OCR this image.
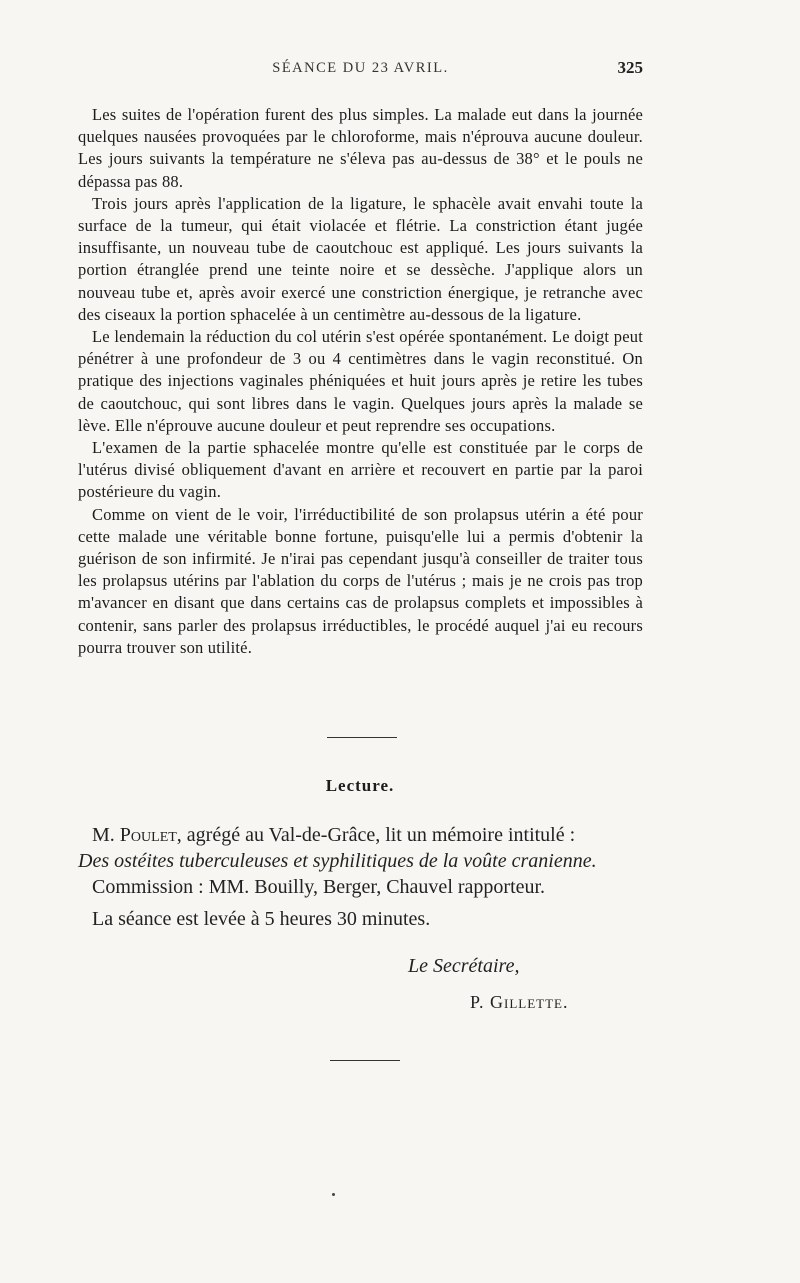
SÉANCE DU 23 AVRIL.	325

Les suites de l'opération furent des plus simples. La malade eut dans la journée quelques nausées provoquées par le chloroforme, mais n'éprouva aucune douleur. Les jours suivants la température ne s'éleva pas au-dessus de 38° et le pouls ne dépassa pas 88.

Trois jours après l'application de la ligature, le sphacèle avait envahi toute la surface de la tumeur, qui était violacée et flétrie. La constriction étant jugée insuffisante, un nouveau tube de caoutchouc est appliqué. Les jours suivants la portion étranglée prend une teinte noire et se dessèche. J'applique alors un nouveau tube et, après avoir exercé une constriction énergique, je retranche avec des ciseaux la portion sphacelée à un centimètre au-dessous de la ligature.

Le lendemain la réduction du col utérin s'est opérée spontanément. Le doigt peut pénétrer à une profondeur de 3 ou 4 centimètres dans le vagin reconstitué. On pratique des injections vaginales phéniquées et huit jours après je retire les tubes de caoutchouc, qui sont libres dans le vagin. Quelques jours après la malade se lève. Elle n'éprouve aucune douleur et peut reprendre ses occupations.

L'examen de la partie sphacelée montre qu'elle est constituée par le corps de l'utérus divisé obliquement d'avant en arrière et recouvert en partie par la paroi postérieure du vagin.

Comme on vient de le voir, l'irréductibilité de son prolapsus utérin a été pour cette malade une véritable bonne fortune, puisqu'elle lui a permis d'obtenir la guérison de son infirmité. Je n'irai pas cependant jusqu'à conseiller de traiter tous les prolapsus utérins par l'ablation du corps de l'utérus ; mais je ne crois pas trop m'avancer en disant que dans certains cas de prolapsus complets et impossibles à contenir, sans parler des prolapsus irréductibles, le procédé auquel j'ai eu recours pourra trouver son utilité.

Lecture.

M. Poulet, agrégé au Val-de-Grâce, lit un mémoire intitulé :

Des ostéites tuberculeuses et syphilitiques de la voûte cranienne.

Commission : MM. Bouilly, Berger, Chauvel rapporteur.

La séance est levée à 5 heures 30 minutes.
Le Secrétaire,
P. Gillette.
